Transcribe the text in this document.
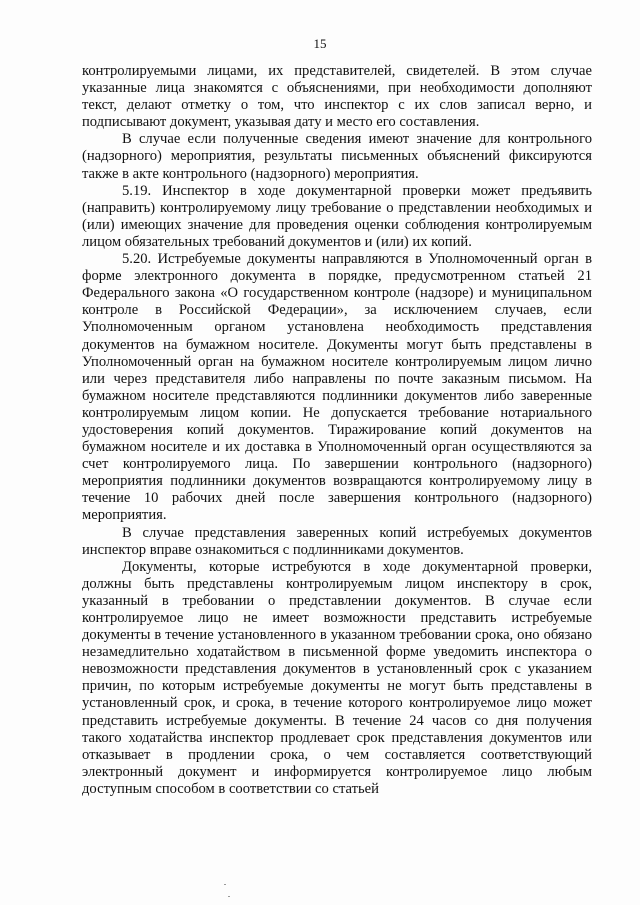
15

контролируемыми лицами, их представителей, свидетелей. В этом случае указанные лица знакомятся с объяснениями, при необходимости дополняют текст, делают отметку о том, что инспектор с их слов записал верно, и подписывают документ, указывая дату и место его составления.

В случае если полученные сведения имеют значение для контрольного (надзорного) мероприятия, результаты письменных объяснений фиксируются также в акте контрольного (надзорного) мероприятия.

5.19. Инспектор в ходе документарной проверки может предъявить (направить) контролируемому лицу требование о представлении необходимых и (или) имеющих значение для проведения оценки соблюдения контролируемым лицом обязательных требований документов и (или) их копий.

5.20. Истребуемые документы направляются в Уполномоченный орган в форме электронного документа в порядке, предусмотренном статьей 21 Федерального закона «О государственном контроле (надзоре) и муниципальном контроле в Российской Федерации», за исключением случаев, если Уполномоченным органом установлена необходимость представления документов на бумажном носителе. Документы могут быть представлены в Уполномоченный орган на бумажном носителе контролируемым лицом лично или через представителя либо направлены по почте заказным письмом. На бумажном носителе представляются подлинники документов либо заверенные контролируемым лицом копии. Не допускается требование нотариального удостоверения копий документов. Тиражирование копий документов на бумажном носителе и их доставка в Уполномоченный орган осуществляются за счет контролируемого лица. По завершении контрольного (надзорного) мероприятия подлинники документов возвращаются контролируемому лицу в течение 10 рабочих дней после завершения контрольного (надзорного) мероприятия.

В случае представления заверенных копий истребуемых документов инспектор вправе ознакомиться с подлинниками документов.

Документы, которые истребуются в ходе документарной проверки, должны быть представлены контролируемым лицом инспектору в срок, указанный в требовании о представлении документов. В случае если контролируемое лицо не имеет возможности представить истребуемые документы в течение установленного в указанном требовании срока, оно обязано незамедлительно ходатайством в письменной форме уведомить инспектора о невозможности представления документов в установленный срок с указанием причин, по которым истребуемые документы не могут быть представлены в установленный срок, и срока, в течение которого контролируемое лицо может представить истребуемые документы. В течение 24 часов со дня получения такого ходатайства инспектор продлевает срок представления документов или отказывает в продлении срока, о чем составляется соответствующий электронный документ и информируется контролируемое лицо любым доступным способом в соответствии со статьей
